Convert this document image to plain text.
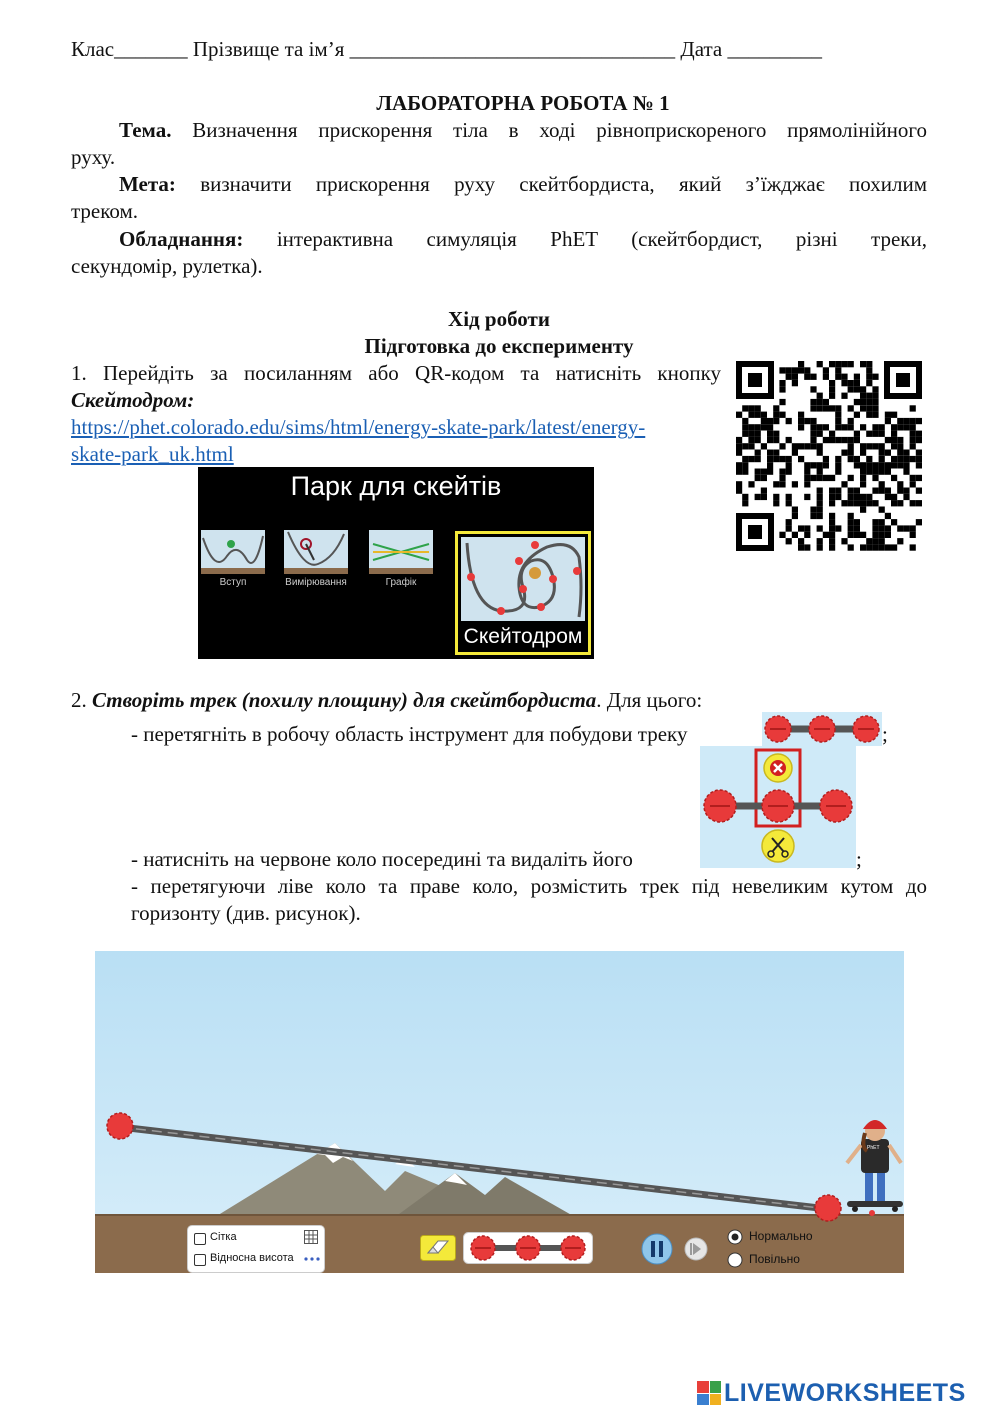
Клас_______ Прізвище та ім’я _______________________________ Дата _________
ЛАБОРАТОРНА РОБОТА № 1
Тема. Визначення прискорення тіла в ході рівноприскореного прямолінійного
руху.
Мета: визначити прискорення руху скейтбордиста, який з’їжджає похилим
треком.
Обладнання: інтерактивна симуляція PhET (скейтбордист, різні треки,
секундомір, рулетка).
Хід роботи
Підготовка до експерименту
1. Перейдіть за посиланням або QR-кодом та натисніть кнопку
Скейтодром:
https://phet.colorado.edu/sims/html/energy-skate-park/latest/energy-
skate-park_uk.html
Парк для скейтів
Вступ	Вимірювання	Графік
Скейтодром
2. Створіть трек (похилу площину) для скейтбордиста. Для цього:
- перетягніть в робочу область інструмент для побудови треку	;
- натисніть на червоне коло посередині та видаліть його	;
- перетягуючи ліве коло та праве коло, розмістить трек під невеликим кутом до
горизонту (див. рисунок).
PhET
Сітка
Відносна висота
Нормально
Повільно
LIVEWORKSHEETS
